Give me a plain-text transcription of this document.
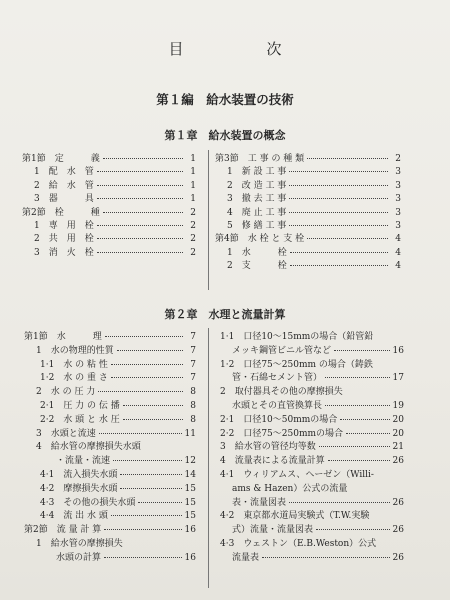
目　次
第１編　給水装置の技術
第１章　給水装置の概念
第1節　定　　　義	1
1　配　水　管	1
2　給　水　管	1
3　器　　　具	1
第2節　栓　　　種	2
1　専　用　栓	2
2　共　用　栓	2
3　消　火　栓	2
第3節　工 事 の 種 類	2
1　新 設 工 事	3
2　改 造 工 事	3
3　撤 去 工 事	3
4　廃 止 工 事	3
5　修 繕 工 事	3
第4節　水 栓 と 支 栓	4
1　水　　　栓	4
2　支　　　栓	4
第２章　水理と流量計算
第1節　水　　　理	7
1　水の物理的性質	7
1·1　水 の 粘 性	7
1·2　水 の 重 さ	7
2　水 の 圧 力	8
2·1　圧 力 の 伝 播	8
2·2　水 頭 と 水 圧	8
3　水頭と流速	11
4　給水管の摩擦損失水頭
・流量・流速	12
4·1　流入損失水頭	14
4·2　摩擦損失水頭	15
4·3　その他の損失水頭	15
4·4　流 出 水 頭	15
第2節　流 量 計 算	16
1　給水管の摩擦損失
水頭の計算	16
1·1　口径10～15mmの場合（鉛管鉛
メッキ鋼管ビニル管など	16
1·2　口径75～250mm の場合（鋳鉄
管・石綿セメント管）	17
2　取付器具その他の摩擦損失
水頭とその直管換算長	19
2·1　口径10～50mmの場合	20
2·2　口径75～250mmの場合	20
3　給水管の管径均等数	21
4　流量表による流量計算	26
4·1　ウィリアムス、ヘーゼン（Willi-
ams & Hazen）公式の流量
表・流量図表	26
4·2　東京都水道局実験式（T.W.実験
式）流量・流量図表	26
4·3　ウェストン（E.B.Weston）公式
流量表	26
